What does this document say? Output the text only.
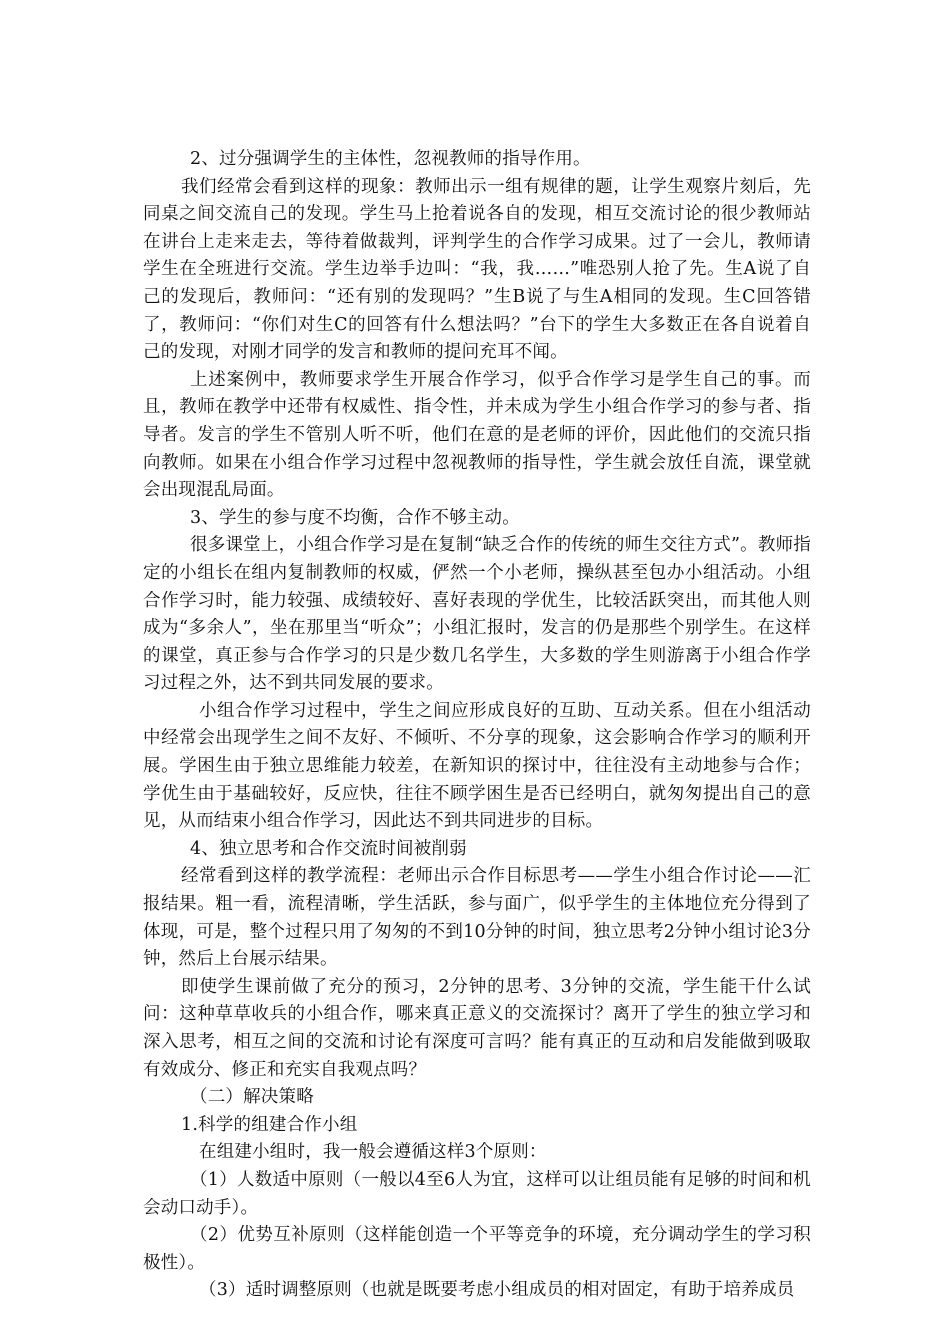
2、过分强调学生的主体性，忽视教师的指导作用。

我们经常会看到这样的现象：教师出示一组有规律的题，让学生观察片刻后，先同桌之间交流自己的发现。学生马上抢着说各自的发现，相互交流讨论的很少教师站在讲台上走来走去，等待着做裁判，评判学生的合作学习成果。过了一会儿，教师请学生在全班进行交流。学生边举手边叫：“我，我……”唯恐别人抢了先。生A说了自己的发现后，教师问：“还有别的发现吗？”生B说了与生A相同的发现。生C回答错了，教师问：“你们对生C的回答有什么想法吗？”台下的学生大多数正在各自说着自己的发现，对刚才同学的发言和教师的提问充耳不闻。

上述案例中，教师要求学生开展合作学习，似乎合作学习是学生自己的事。而且，教师在教学中还带有权威性、指令性，并未成为学生小组合作学习的参与者、指导者。发言的学生不管别人听不听，他们在意的是老师的评价，因此他们的交流只指向教师。如果在小组合作学习过程中忽视教师的指导性，学生就会放任自流，课堂就会出现混乱局面。

3、学生的参与度不均衡，合作不够主动。

很多课堂上，小组合作学习是在复制“缺乏合作的传统的师生交往方式”。教师指定的小组长在组内复制教师的权威，俨然一个小老师，操纵甚至包办小组活动。小组合作学习时，能力较强、成绩较好、喜好表现的学优生，比较活跃突出，而其他人则成为“多余人”，坐在那里当“听众”；小组汇报时，发言的仍是那些个别学生。在这样的课堂，真正参与合作学习的只是少数几名学生，大多数的学生则游离于小组合作学习过程之外，达不到共同发展的要求。

小组合作学习过程中，学生之间应形成良好的互助、互动关系。但在小组活动中经常会出现学生之间不友好、不倾听、不分享的现象，这会影响合作学习的顺利开展。学困生由于独立思维能力较差，在新知识的探讨中，往往没有主动地参与合作；学优生由于基础较好，反应快，往往不顾学困生是否已经明白，就匆匆提出自己的意见，从而结束小组合作学习，因此达不到共同进步的目标。

4、独立思考和合作交流时间被削弱

经常看到这样的教学流程：老师出示合作目标思考——学生小组合作讨论——汇报结果。粗一看，流程清晰，学生活跃，参与面广，似乎学生的主体地位充分得到了体现，可是，整个过程只用了匆匆的不到10分钟的时间，独立思考2分钟小组讨论3分钟，然后上台展示结果。

即使学生课前做了充分的预习，2分钟的思考、3分钟的交流，学生能干什么试问：这种草草收兵的小组合作，哪来真正意义的交流探讨？离开了学生的独立学习和深入思考，相互之间的交流和讨论有深度可言吗？能有真正的互动和启发能做到吸取有效成分、修正和充实自我观点吗？

（二）解决策略

1.科学的组建合作小组

在组建小组时，我一般会遵循这样3个原则：

（1）人数适中原则（一般以4至6人为宜，这样可以让组员能有足够的时间和机会动口动手）。

（2）优势互补原则（这样能创造一个平等竞争的环境，充分调动学生的学习积极性）。

（3）适时调整原则（也就是既要考虑小组成员的相对固定，有助于培养成员
